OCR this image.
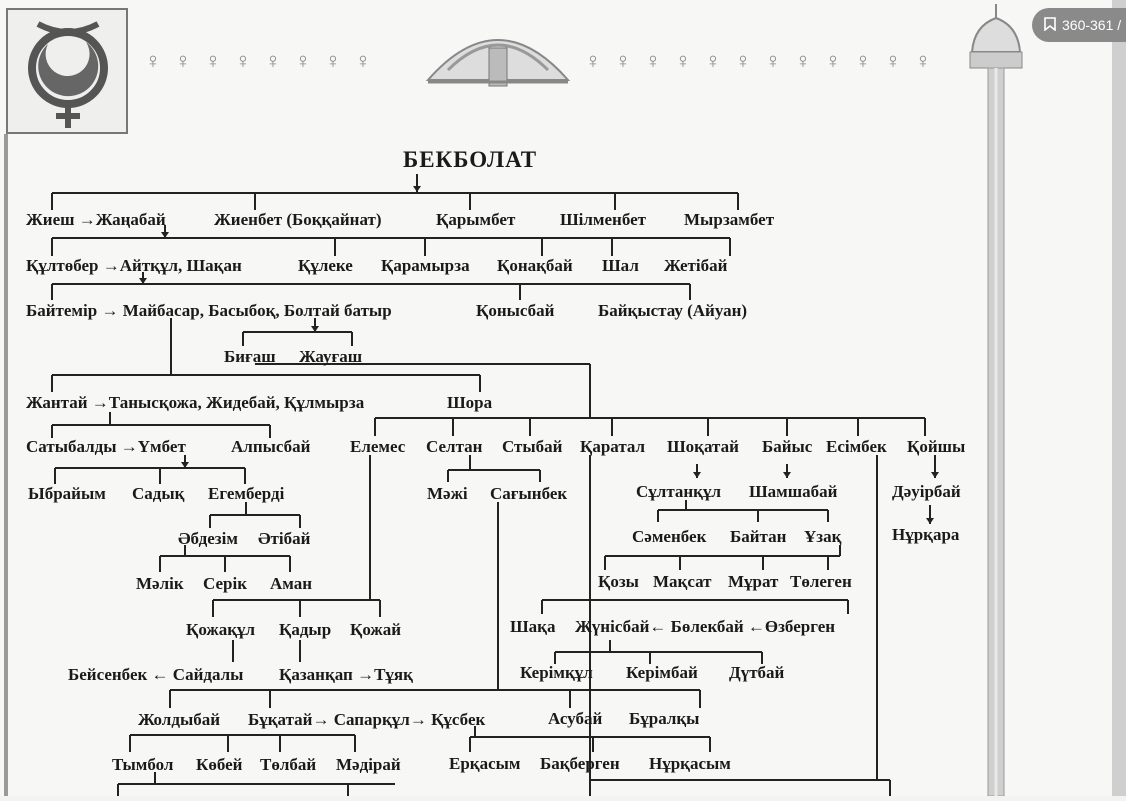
♀ ♀ ♀ ♀ ♀ ♀ ♀ ♀	♀ ♀ ♀ ♀ ♀ ♀ ♀ ♀ ♀ ♀ ♀ ♀
360-361 /
БЕКБОЛАТ
Жиеш →Жаңабай	Жиенбет (Боққайнат)	Қарымбет	Шілменбет Мырзамбет
Құлтөбер →Айтқұл, Шақан	Құлеке Қарамырза Қонақбай Шал Жетібай
Байтемір → Майбасар, Басыбоқ, Болтай батыр	Қонысбай	Байқыстау (Айуан)
Биғаш Жауғаш
Жантай →Танысқожа, Жидебай, Құлмырза	Шора
Сатыбалды →Үмбет	Алпысбай Елемес Селтан Стыбай Қаратал Шоқатай Байыс Есімбек Қойшы
Ыбрайым Садық Егемберді	Мәжі Сағынбек	Сұлтанқұл Шамшабай	Дәуірбай
Әбдезім Әтібай	Сәменбек Байтан Ұзақ	Нұрқара
Мәлік Серік Аман	Қозы Мақсат Мұрат Төлеген
Қожақұл Қадыр Қожай	Шақа Жүнісбай← Бөлекбай ←Өзберген
Бейсенбек ← Сайдалы Қазанқап →Тұяқ	Керімқұл Керімбай Дүтбай
Жолдыбай Бұқатай→ Сапарқұл→ Құсбек	Асубай Бұралқы
Тымбол Көбей Төлбай Мәдірай	Ерқасым Бақберген Нұрқасым
